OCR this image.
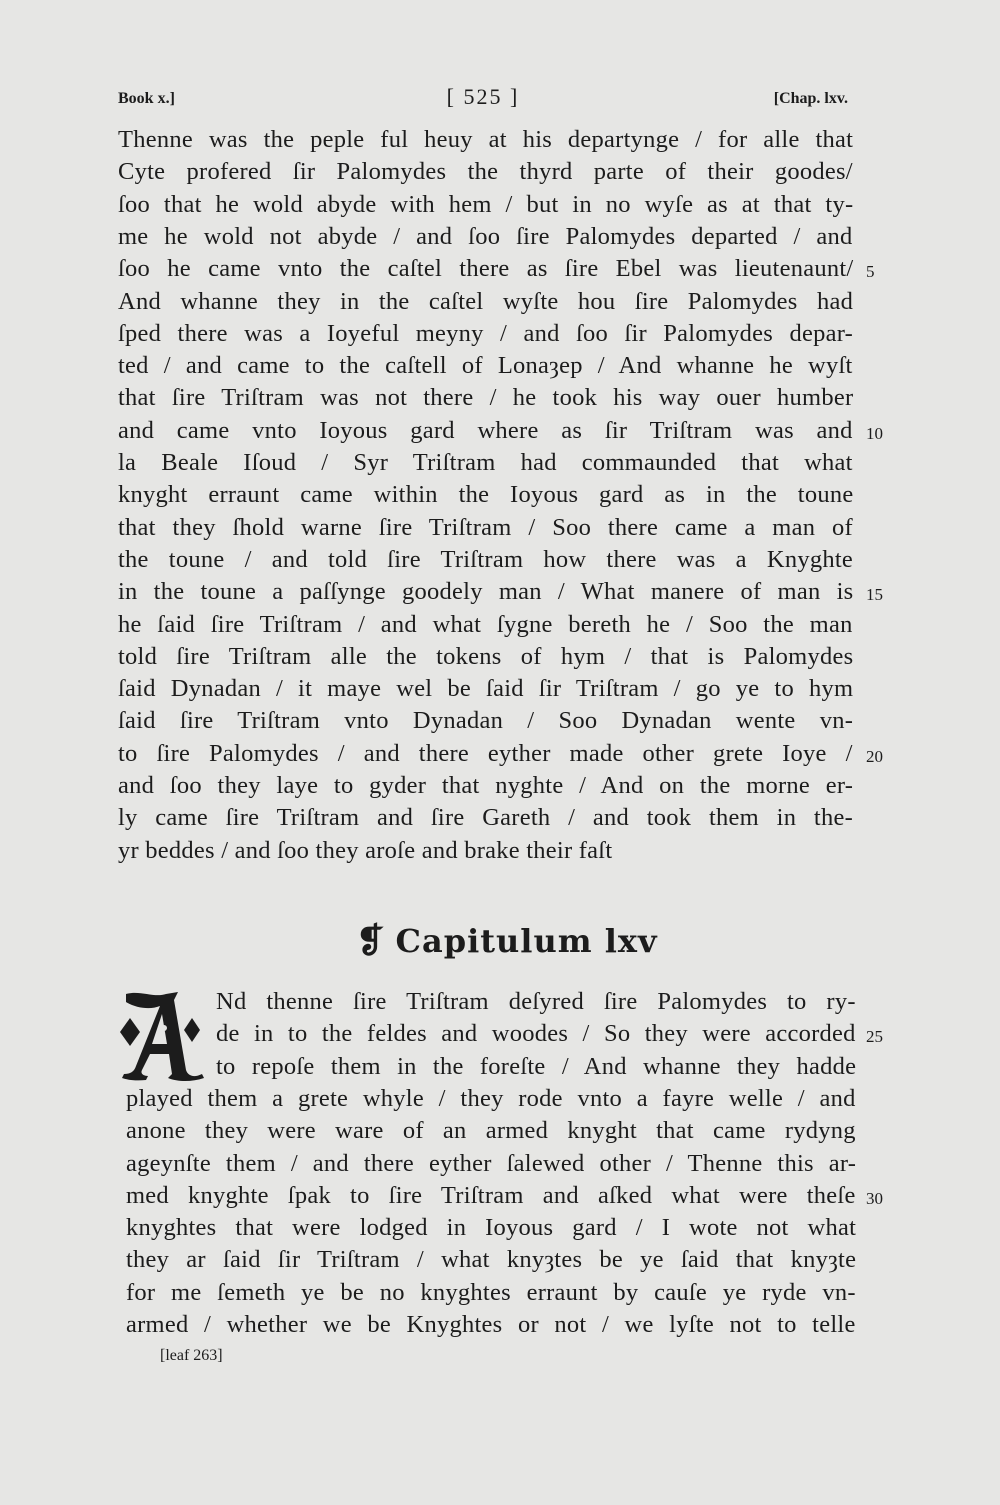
Book x.]	[ 525 ]	[Chap. lxv.
Thenne was the peple ful heuy at his departynge / for alle that
Cyte profered ſir Palomydes the thyrd parte of their goodes/
ſoo that he wold abyde with hem / but in no wyſe as at that ty-
me he wold not abyde / and ſoo ſire Palomydes departed / and
ſoo he came vnto the caſtel there as ſire Ebel was lieutenaunt/ 5
And whanne they in the caſtel wyſte hou ſire Palomydes had
ſped there was a Ioyeful meyny / and ſoo ſir Palomydes depar-
ted / and came to the caſtell of Lonaȝep / And whanne he wyſt
that ſire Triſtram was not there / he took his way ouer humber
and came vnto Ioyous gard where as ſir Triſtram was and 10
la Beale Iſoud / Syr Triſtram had commaunded that what
knyght erraunt came within the Ioyous gard as in the toune
that they ſhold warne ſire Triſtram / Soo there came a man of
the toune / and told ſire Triſtram how there was a Knyghte
in the toune a paſſynge goodely man / What manere of man is 15
he ſaid ſire Triſtram / and what ſygne bereth he / Soo the man
told ſire Triſtram alle the tokens of hym / that is Palomydes
ſaid Dynadan / it maye wel be ſaid ſir Triſtram / go ye to hym
ſaid ſire Triſtram vnto Dynadan / Soo Dynadan wente vn-
to ſire Palomydes / and there eyther made other grete Ioye / 20
and ſoo they laye to gyder that nyghte / And on the morne er-
ly came ſire Triſtram and ſire Gareth / and took them in the-
yr beddes / and ſoo they aroſe and brake their faſt
❡ Capitulum lxv
Nd thenne ſire Triſtram deſyred ſire Palomydes to ry-
de in to the feldes and woodes / So they were accorded 25
to repoſe them in the foreſte / And whanne they hadde
played them a grete whyle / they rode vnto a fayre welle / and
anone they were ware of an armed knyght that came rydyng
ageynſte them / and there eyther ſalewed other / Thenne this ar-
med knyghte ſpak to ſire Triſtram and aſked what were theſe 30
knyghtes that were lodged in Ioyous gard / I wote not what
they ar ſaid ſir Triſtram / what knyȝtes be ye ſaid that knyȝte
for me ſemeth ye be no knyghtes erraunt by cauſe ye ryde vn-
armed / whether we be Knyghtes or not / we lyſte not to telle
[leaf 263]
